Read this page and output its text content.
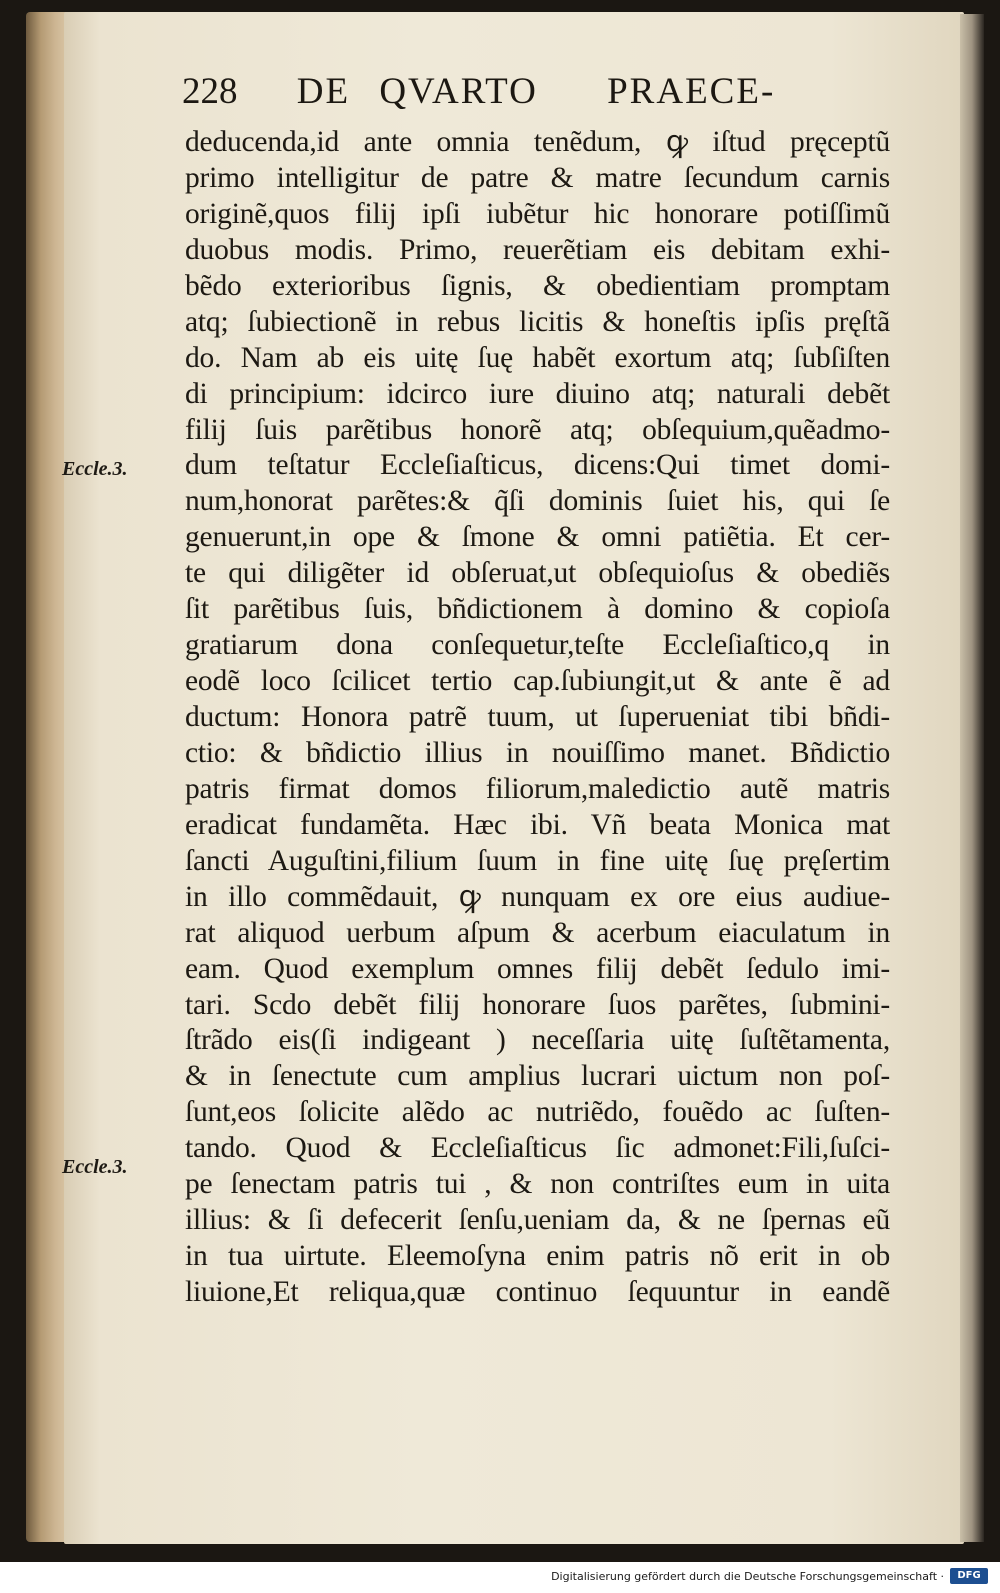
228 DE QVARTO PRAECE-
deducenda,id ante omnia tenẽdum, ꝙ iſtud pręceptũ
primo intelligitur de patre & matre ſecundum carnis
originẽ,quos filij ipſi iubẽtur hic honorare potiſſimũ
duobus modis. Primo, reuerẽtiam eis debitam exhi-
bẽdo exterioribus ſignis, & obedientiam promptam
atq; ſubiectionẽ in rebus licitis & honeſtis ipſis pręſtã
do. Nam ab eis uitę ſuę habẽt exortum atq; ſubſiſten
di principium: idcirco iure diuino atq; naturali debẽt
filij ſuis parẽtibus honorẽ atq; obſequium,quẽadmo-
dum teſtatur Eccleſiaſticus, dicens:Qui timet domi-
num,honorat parẽtes:& q̃ſi dominis ſuiet his, qui ſe
genuerunt,in ope & ſmone & omni patiẽtia. Et cer-
te qui diligẽter id obſeruat,ut obſequioſus & obediẽs
ſit parẽtibus ſuis, bñdictionem à domino & copioſa
gratiarum dona conſequetur,teſte Eccleſiaſtico,q in
eodẽ loco ſcilicet tertio cap.ſubiungit,ut & ante ẽ ad
ductum: Honora patrẽ tuum, ut ſuperueniat tibi bñdi-
ctio: & bñdictio illius in nouiſſimo manet. Bñdictio
patris firmat domos filiorum,maledictio autẽ matris
eradicat fundamẽta. Hæc ibi. Vñ beata Monica mat
ſancti Auguſtini,filium ſuum in fine uitę ſuę pręſertim
in illo commẽdauit, ꝙ nunquam ex ore eius audiue-
rat aliquod uerbum aſpum & acerbum eiaculatum in
eam. Quod exemplum omnes filij debẽt ſedulo imi-
tari. Scdo debẽt filij honorare ſuos parẽtes, ſubmini-
ſtrãdo eis(ſi indigeant ) neceſſaria uitę ſuſtẽtamenta,
& in ſenectute cum amplius lucrari uictum non poſ-
ſunt,eos ſolicite alẽdo ac nutriẽdo, fouẽdo ac ſuſten-
tando. Quod & Eccleſiaſticus ſic admonet:Fili,ſuſci-
pe ſenectam patris tui , & non contriſtes eum in uita
illius: & ſi defecerit ſenſu,ueniam da, & ne ſpernas eũ
in tua uirtute. Eleemoſyna enim patris nõ erit in ob
liuione,Et reliqua,quæ continuo ſequuntur in eandẽ
Eccle.3.
Eccle.3.
Digitalisierung gefördert durch die Deutsche Forschungsgemeinschaft ·	DFG
